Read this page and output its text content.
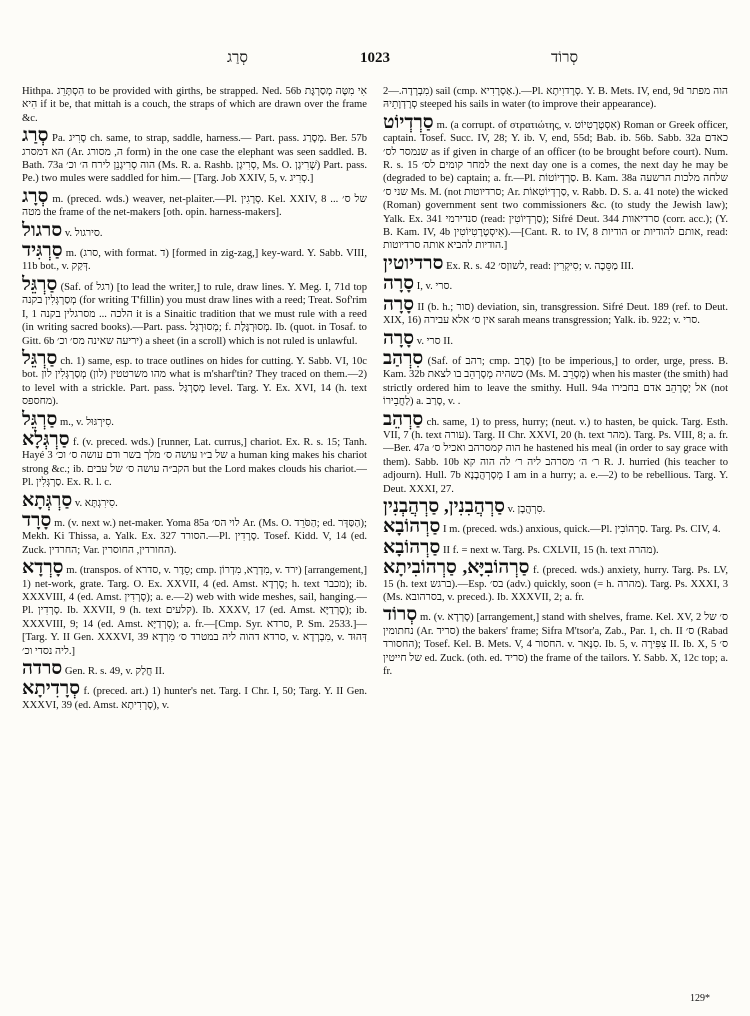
סְרַג	1023	סְרוֹד

Hithpa. הִסְתָּרֵג to be provided with girths, be strapped. Ned. 56b אִי מִטָּה מְסַרְגֶּת הִיא if it be, that mittah is a couch, the straps of which are drawn over the frame &c.

סְרַג Pa. סָרִיג ch. same, to strap, saddle, harness.— Part. pass. מְסָרַג. Ber. 57b הא דמסרג (Ar. ה, מסורג form) in the one case the elephant was seen saddled. B. Bath. 73a הוה סְרִיגָנֵן לירח ה׳ וכ׳ (Ms. R. a. Rashb. סְרִיגָן, Ms. O. שְׁרִיגָן) Part. pass. Pe.) two mules were saddled for him.— [Targ. Job XXIV, 5, v. סְרִיג.]

סְרָג m. (preced. wds.) weaver, net-plaiter.—Pl. סְרָגִין. Kel. XXIV, 8 ... של ס׳ מטה the frame of the net-makers [oth. opin. harness-makers].

סרגול v. סירגול.

סַרְגִּיד m. (סרג, with format. ד) [formed in zig-zag,] key-ward. Y. Sabb. VIII, 11b bot., v. דְּקַק.

סַרְגֵּל (Saf. of רגל) [to lead the writer,] to rule, draw lines. Y. Meg. I, 71d top מְסַרְגְּלִין בקנה (for writing T'fillin) you must draw lines with a reed; Treat. Sof'rim I, 1 הלכה ... מסרגלין בקנה it is a Sinaitic tradition that we must rule with a reed (in writing sacred books).—Part. pass. מְסוּרְגָּל; f. מְסוּרְגֶּלֶת. Ib. (quot. in Tosaf. to Gitt. 6b יריעה שאינה מס׳ וכ׳) a sheet (in a scroll) which is not ruled is unlawful.

סַרְגֵּל ch. 1) same, esp. to trace outlines on hides for cutting. Y. Sabb. VI, 10c bot. מהו משרטטין (לון) מְסַרְגְּלִין לון what is m'sharf'tin? They traced on them.—2) to level with a strickle. Part. pass. מְסַרְגַּל level. Targ. Y. Ex. XVI, 14 (h. text מחספס).

סַרְגֵּל m., v. סִירְגּוּל.

סַרְגְּלָא f. (v. preced. wds.) [runner, Lat. currus,] chariot. Ex. R. s. 15; Tanh. Hayé 3 של ב״ו עושה ס׳ מלך בשר ודם עושה ס׳ וכ׳ a human king makes his chariot strong &c.; ib. הקב״ה עושה ס׳ של עבים but the Lord makes clouds his chariot.—Pl. סַרְגְּלִין. Ex. R. l. c.

סַרְגְּתָא v. סִירִגְתָּא.

סָרָד m. (v. next w.) net-maker. Yoma 85a לוי הס׳ Ar. (Ms. O. הַסֹּרֵד; ed. הַסַּדָּר); Mekh. Ki Thissa, a. Yalk. Ex. 327 הסורד.—Pl. סָרָדִין. Tosef. Kidd. V, 14 (ed. Zuck. החרדין; Var. החורדין, החוסרין).

סָרְדָא m. (transpos. of סדרא, v. סֵדֶר; cmp. מִדְרָא, מִדְרוֹן, v. ירד) [arrangement,] 1) net-work, grate. Targ. O. Ex. XXVII, 4 (ed. Amst. סָרְדָא; h. text מכבר); ib. XXXVIII, 4 (ed. Amst. סָרְדִין); a. e.—2) web with wide meshes, sail, hanging.—Pl. סָרְדִין. Ib. XXVII, 9 (h. text קלעים). Ib. XXXV, 17 (ed. Amst. סָרְדַיָּא); ib. XXXVIII, 9; 14 (ed. Amst. סָרְדַיָּא); a. fr.—[Cmp. Syr. סרדא, P. Sm. 2533.]—[Targ. Y. II Gen. XXXVI, 39 סרדא דהוה ליה במטרד ס׳ מִרְדָא, v. מִבְרְדָא, v. דְּהוּד ליה נסדי וכ׳.]

סרדה Gen. R. s. 49, v. חֲלַק II.

סְרָדִיתָא f. (preced. art.) 1) hunter's net. Targ. I Chr. I, 50; Targ. Y. II Gen. XXXVI, 39 (ed. Amst. סָרְדִיתָא), v.

מִבְרְדָה.—2) sail (cmp. אַסְרָדִיא.).—Pl. סְרָדוִיתָא. Y. B. Mets. IV, end, 9d הוה מפתר סְרָדְוָתֵיהּ steeped his sails in water (to improve their appearance).

סַרְדְיוֹט m. (a corrupt. of στρατιώτης, v. אִסְטְרָטִיוֹט) Roman or Greek officer, captain. Tosef. Succ. IV, 28; Y. ib. V, end, 55d; Bab. ib. 56b. Sabb. 32a כאדם שנמסר לס׳ as if given in charge of an officer (to be brought before court). Num. R. s. 15 למחר קומים לס׳ the next day one is a comes, the next day he may be (degraded to be) captain; a. fr.—Pl. סַרְדְיוֹטוֹת. B. Kam. 38a שלחה מלכות הרשעה שני ס׳ Ms. M. (not סרדיוטות; Ar. סַרְדְיוֹטִאוֹת, v. Rabb. D. S. a. 41 note) the wicked (Roman) government sent two commissioners &c. (to study the Jewish law); Yalk. Ex. 341 סנדירמי (read: סַרְדְיוֹטִין); Sifré Deut. 344 סרדיאוות (corr. acc.); (Y. B. Kam. IV, 4b אִיסְטְרָטִיוֹטִין).—[Cant. R. to IV, 8 הודיות or אותם להודיות, read: הודיות להביא אותה סרדיוטות.]

סרדיוטין Ex. R. s. 42 לשוןס׳, read: סִיקְרִין; v. מַסֵּכָה III.

סָרָה I, v. סרי.

סָרָה II (b. h.; סור) deviation, sin, transgression. Sifré Deut. 189 (ref. to Deut. XIX, 16) אין ס׳ אלא עבירה sarah means transgression; Yalk. ib. 922; v. סרי.

סָרָה v. סרי II.

סִרְהַב (Saf. of רהב; cmp. סָרַב) [to be imperious,] to order, urge, press. B. Kam. 32b כשהיה מְסָרְהֵב בו לצאת (Ms. M. מְסָרֵב) when his master (the smith) had strictly ordered him to leave the smithy. Hull. 94a אל יְסָרְהֵב אדם בחבירו (not לַחֲבֵירוֹ) a. סָרַב, v. .

סַרְהֵב ch. same, 1) to press, hurry; (neut. v.) to hasten, be quick. Targ. Esth. VII, 7 (h. text עורה). Targ. II Chr. XXVI, 20 (h. text מהר). Targ. Ps. VIII, 8; a. fr.—Ber. 47a הוה קמסרהב ואכיל ס׳ he hastened his meal (in order to say grace with them). Sabb. 10b ר׳ ה׳ מסרהב ליה ר׳ לה הוה קא R. J. hurried (his teacher to adjourn). Hull. 7b מְסָרְהֲבָנָא I am in a hurry; a. e.—2) to be rebellious. Targ. Y. Deut. XXXI, 27.

סַרְהֲבִנִין, סַרְהֲבְנִין v. סִרְהֲבָן.

סַרְהוֹבָא I m. (preced. wds.) anxious, quick.—Pl. סַרְהוֹבִין. Targ. Ps. CIV, 4.

סַרְהוֹבָא II f. = next w. Targ. Ps. CXLVII, 15 (h. text מהרה).

סַרְהוֹבִיָּא, סַרְהוֹבִיתָא f. (preced. wds.) anxiety, hurry. Targ. Ps. LV, 15 (h. text ברגש).—Esp. בס׳ (adv.) quickly, soon (= h. מהרה). Targ. Ps. XXXI, 3 (Ms. בסרהובא, v. preced.). Ib. XXXVII, 2; a. fr.

סְרוֹד m. (v. סָרְדָא) [arrangement,] stand with shelves, frame. Kel. XV, 2 ס׳ של נחתומין (Ar. סריד) the bakers' frame; Sifra M'tsor'a, Zab., Par. 1, ch. II ס׳ (Rabad החסורד); Tosef. Kel. B. Mets. V, 4 החסור. v. סִנָּאר. Ib. 5, v. צִפִּירָה II. Ib. X, 5 ס׳ של חייטין ed. Zuck. (oth. ed. סריד) the frame of the tailors. Y. Sabb. X, 12c top; a. fr.

129*
